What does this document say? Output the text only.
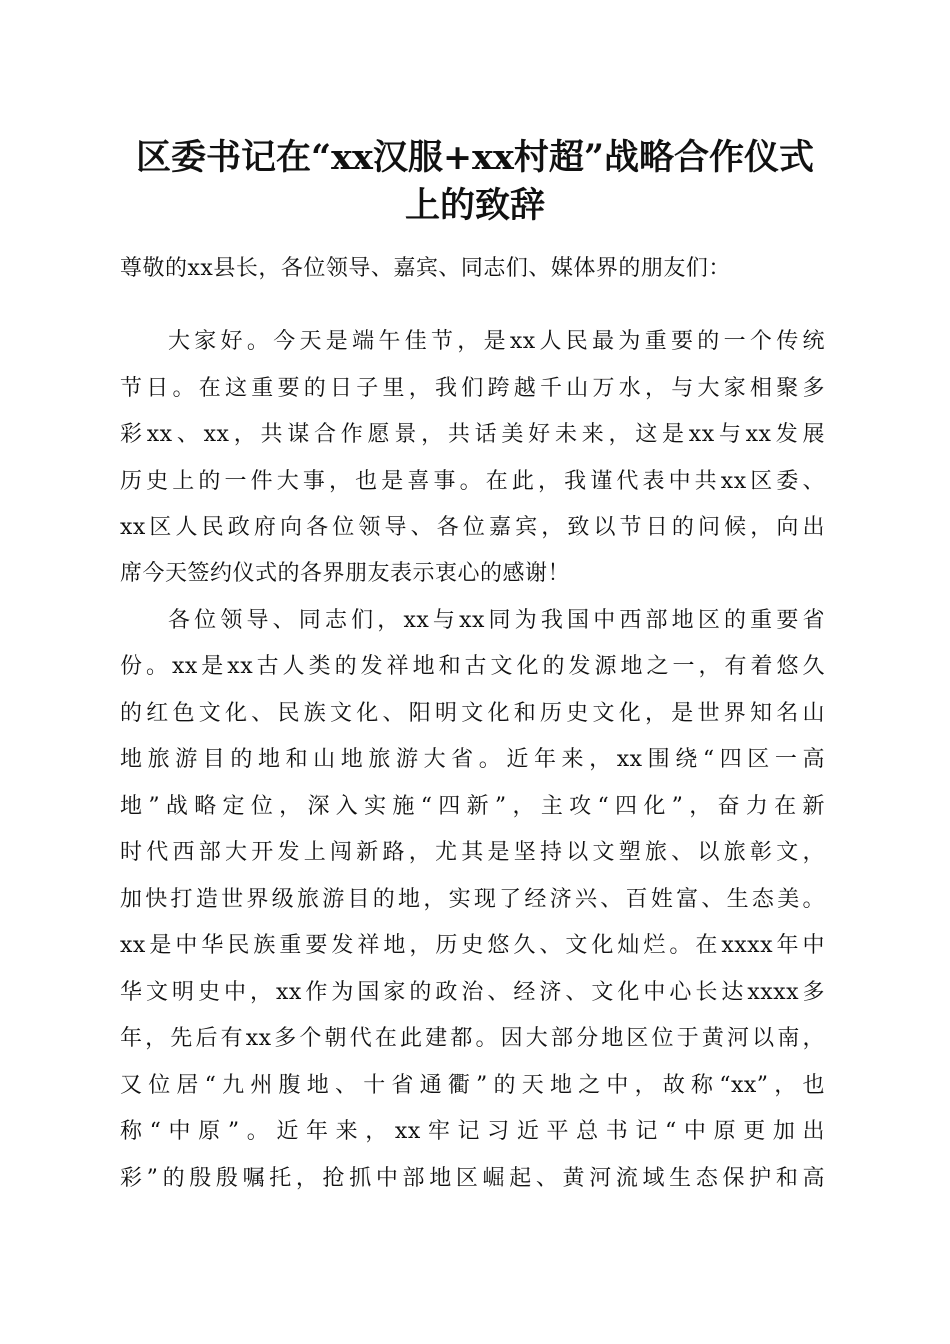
区委书记在“xx汉服+xx村超”战略合作仪式
上的致辞
尊敬的xx县长，各位领导、嘉宾、同志们、媒体界的朋友们：
大家好。今天是端午佳节，是xx人民最为重要的一个传统
节日。在这重要的日子里，我们跨越千山万水，与大家相聚多
彩xx、xx，共谋合作愿景，共话美好未来，这是xx与xx发展
历史上的一件大事，也是喜事。在此，我谨代表中共xx区委、
xx区人民政府向各位领导、各位嘉宾，致以节日的问候，向出
席今天签约仪式的各界朋友表示衷心的感谢！
各位领导、同志们，xx与xx同为我国中西部地区的重要省
份。xx是xx古人类的发祥地和古文化的发源地之一，有着悠久
的红色文化、民族文化、阳明文化和历史文化，是世界知名山
地旅游目的地和山地旅游大省。近年来，xx围绕“四区一高
地”战略定位，深入实施“四新”，主攻“四化”，奋力在新
时代西部大开发上闯新路，尤其是坚持以文塑旅、以旅彰文，
加快打造世界级旅游目的地，实现了经济兴、百姓富、生态美。
xx是中华民族重要发祥地，历史悠久、文化灿烂。在xxxx年中
华文明史中，xx作为国家的政治、经济、文化中心长达xxxx多
年，先后有xx多个朝代在此建都。因大部分地区位于黄河以南，
又位居“九州腹地、十省通衢”的天地之中，故称“xx”，也
称“中原”。近年来，xx牢记习近平总书记“中原更加出
彩”的殷殷嘱托，抢抓中部地区崛起、黄河流域生态保护和高
